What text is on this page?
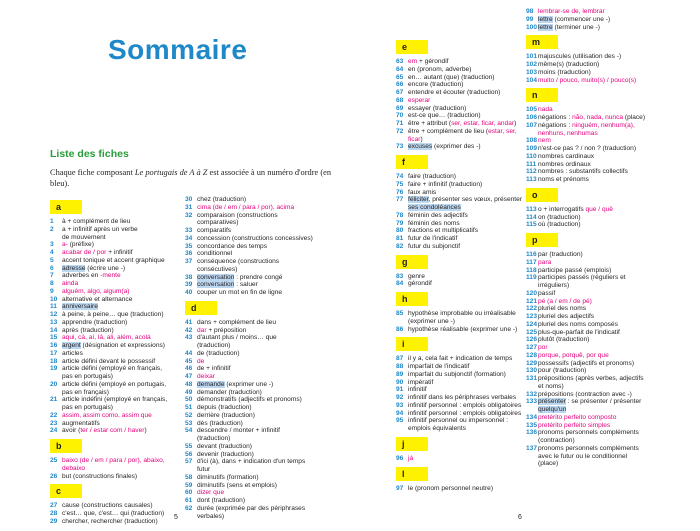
Sommaire
Liste des fiches
Chaque fiche composant Le portugais de A à Z est associée à un numéro d'ordre (en bleu).
a
1	à + complément de lieu
2	a + infinitif après un verbe
de mouvement
3	a- (préfixe)
4	acabar de / por + infinitif
5	accent tonique et accent graphique
6	adresse (écrire une -)
7	adverbes en -mente
8	ainda
9	alguém, algo, algum(a)
10 alternative et alternance
11 anniversaire
12 à peine, à peine… que (traduction)
13 apprendre (traduction)
14 après (traduction)
15 aqui, cá, aí, lá, ali, além, acolá
16 argent (désignation et expressions)
17 articles
18 article défini devant le possessif
19 article défini (employé en français,
pas en portugais)
20 article défini (employé en portugais,
pas en français)
21 article indéfini (employé en français,
pas en portugais)
22 assim, assim como, assim que
23 augmentatifs
24 avoir (ter / estar com / haver)
b
25 baixo (de / em / para / por), abaixo,
debaixo
26 but (constructions finales)
c
27 cause (constructions causales)
28 c'est… que, c'est… qui (traduction)
29 chercher, rechercher (traduction)
30 chez (traduction)
31 cima (de / em / para / por), acima
32 comparaison (constructions
comparatives)
33 comparatifs
34 concession (constructions concessives)
35 concordance des temps
36 conditionnel
37 conséquence (constructions
consécutives)
38 conversation : prendre congé
39 conversation : saluer
40 couper un mot en fin de ligne
d
41 dans + complément de lieu
42 dar + préposition
43 d'autant plus / moins… que
(traduction)
44 de (traduction)
45 de
46 de + infinitif
47 deixar
48 demande (exprimer une -)
49 demander (traduction)
50 démonstratifs (adjectifs et pronoms)
51 depuis (traduction)
52 derrière (traduction)
53 dès (traduction)
54 descendre / monter + infinitif
(traduction)
55 devant (traduction)
56 devenir (traduction)
57 d'ici (à), dans + indication d'un temps
futur
58 diminutifs (formation)
59 diminutifs (sens et emplois)
60 dizer que
61 dont (traduction)
62 durée (exprimée par des périphrases
verbales)
5
e
63 em + gérondif
64 en (pronom, adverbe)
65 en… autant (que) (traduction)
66 encore (traduction)
67 entendre et écouter (traduction)
68 esperar
69 essayer (traduction)
70 est-ce que… (traduction)
71 être + attribut (ser, estar, ficar, andar)
72 être + complément de lieu (estar, ser,
ficar)
73 excuses (exprimer des -)
f
74 faire (traduction)
75 faire + infinitif (traduction)
76 faux amis
77 féliciter, présenter ses vœux, présenter
ses condoléances
78 féminin des adjectifs
79 féminin des noms
80 fractions et multiplicatifs
81 futur de l'indicatif
82 futur du subjonctif
g
83 genre
84 gérondif
h
85 hypothèse improbable ou irréalisable
(exprimer une -)
86 hypothèse réalisable (exprimer une -)
i
87 il y a, cela fait + indication de temps
88 imparfait de l'indicatif
89 imparfait du subjonctif (formation)
90 impératif
91 infinitif
92 infinitif dans les périphrases verbales
93 infinitif personnel : emplois obligatoires
94 infinitif personnel : emplois obligatoires
95 infinitif personnel ou impersonnel :
emplois équivalents
j
96 já
l
97 le (pronom personnel neutre)
98 lembrar-se de, lembrar
99 lettre (commencer une -)
100 lettre (terminer une -)
m
101 majuscules (utilisation des -)
102 même(s) (traduction)
103 moins (traduction)
104 muito / pouco, muito(s) / pouco(s)
n
105 nada
106 négations : não, nada, nunca (place)
107 négations : ninguém, nenhum(a),
nenhuns, nenhumas
108 nem
109 n'est-ce pas ? / non ? (traduction)
110 nombres cardinaux
111 nombres ordinaux
112 nombres : substantifs collectifs
113 noms et prénoms
o
113 o + interrogatifs que / quê
114 on (traduction)
115 où (traduction)
p
116 par (traduction)
117 para
118 participe passé (emplois)
119 participes passés (réguliers et
irréguliers)
120 passif
121 pé (a / em / de pé)
122 pluriel des noms
123 pluriel des adjectifs
124 pluriel des noms composés
125 plus-que-parfait de l'indicatif
126 plutôt (traduction)
127 por
128 porque, porquê, por que
129 possessifs (adjectifs et pronoms)
130 pour (traduction)
131 prépositions (après verbes, adjectifs
et noms)
132 prépositions (contraction avec -)
133 présenter : se présenter / présenter
quelqu'un
134 pretérito perfeito composto
135 pretérito perfeito simples
136 pronoms personnels compléments
(contraction)
137 pronoms personnels compléments
avec le futur ou le conditionnel
(place)
6
